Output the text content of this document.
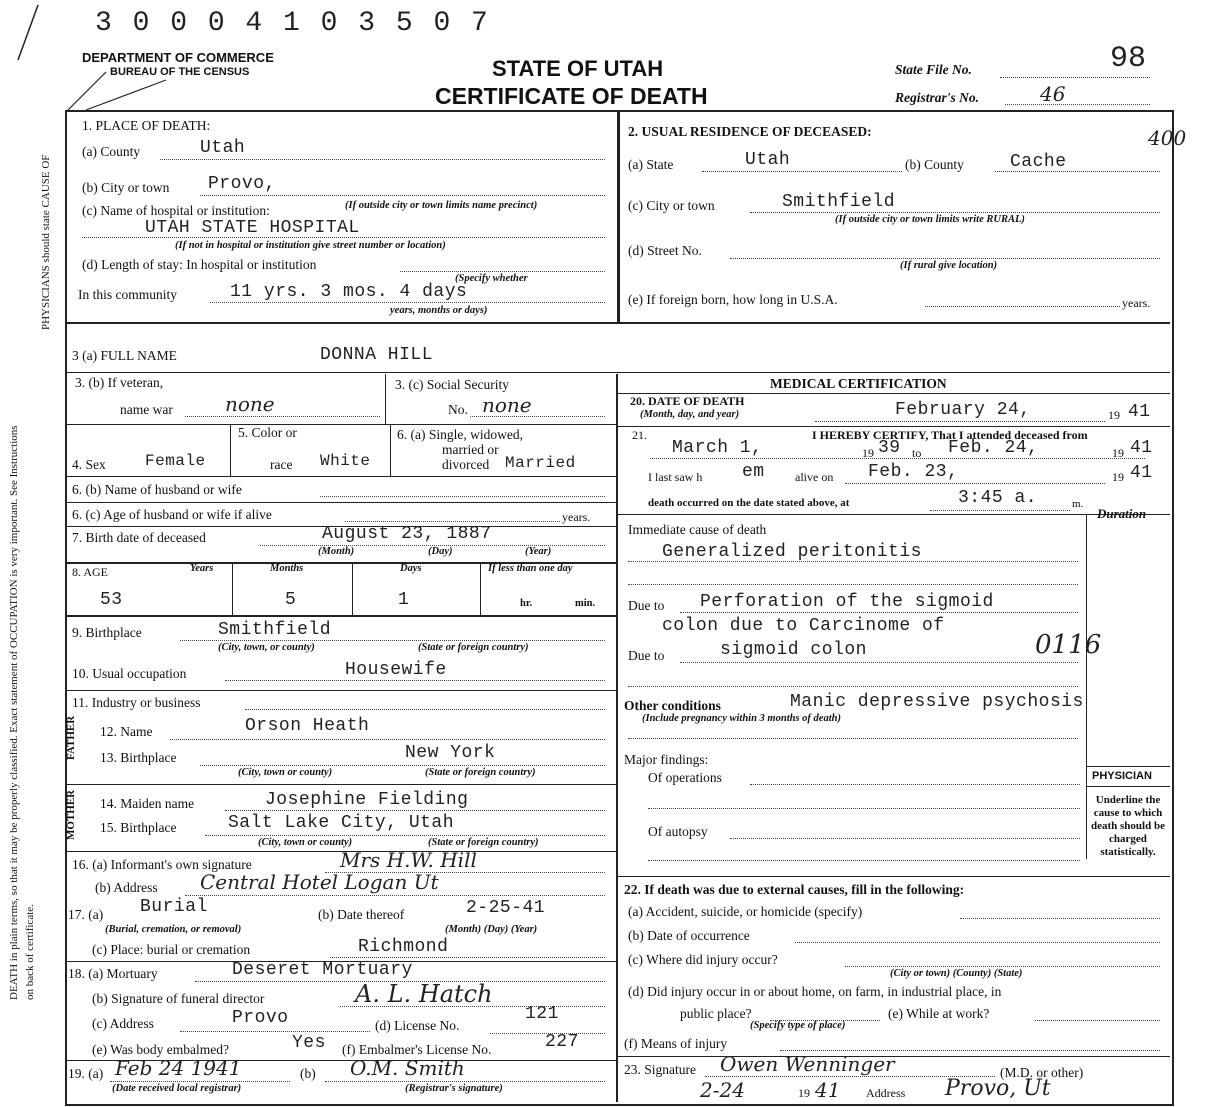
DEATH in plain terms, so that it may be properly classified. Exact statement of OCCUPATION is very important. See Instructions on back of certificate.
PHYSICIANS should state CAUSE OF
3 0 0 0 4 1 0 3 5 0 7
DEPARTMENT OF COMMERCE
BUREAU OF THE CENSUS	STATE OF UTAH
CERTIFICATE OF DEATH
State File No.	98
Registrar's No.	46
1. PLACE OF DEATH:
(a) County	Utah
(b) City or town Provo,
(c) Name of hospital or institution:	(If outside city or town limits name precinct)
UTAH STATE HOSPITAL
(If not in hospital or institution give street number or location)
(d) Length of stay: In hospital or institution
(Specify whether
In this community	11 yrs. 3 mos. 4 days
years, months or days)
2. USUAL RESIDENCE OF DECEASED:	400
(a) State	Utah	(b) County	Cache
(c) City or town	Smithfield
(If outside city or town limits write RURAL)
(d) Street No.
(If rural give location)
(e) If foreign born, how long in U.S.A.	years.
3 (a) FULL NAME	DONNA HILL
3. (b) If veteran,
name war	none
3. (c) Social Security
No. none
5. Color or	6. (a) Single, widowed,
married or
divorced Married
4. Sex Female	race White
6. (b) Name of husband or wife
6. (c) Age of husband or wife if alive	years.
7. Birth date of deceased	August 23, 1887
(Month)	(Day)	(Year)
8. AGE	Years	Months	Days	If less than one day
53	5	1	hr.	min.
9. Birthplace	Smithfield
(City, town, or county)	(State or foreign country)
10. Usual occupation	Housewife
11. Industry or business
FATHER
MOTHER
12. Name	Orson Heath
13. Birthplace	New York
(City, town or county)	(State or foreign country)
14. Maiden name	Josephine Fielding
15. Birthplace	Salt Lake City, Utah
(City, town or county)	(State or foreign country)
16. (a) Informant's own signature	Mrs H.W. Hill
(b) Address Central Hotel Logan Ut
17. (a) Burial
(Burial, cremation, or removal)
(b) Date thereof	2-25-41
(Month) (Day) (Year)
(c) Place: burial or cremation	Richmond
18. (a) Mortuary	Deseret Mortuary
(b) Signature of funeral director	A. L. Hatch
(c) Address	Provo	(d) License No.
121
(e) Was body embalmed?	Yes (f) Embalmer's License No.	227
19. (a) Feb 24 1941
(Date received local registrar)
(b) O.M. Smith
(Registrar's signature)
MEDICAL CERTIFICATION
20. DATE OF DEATH
(Month, day, and year)	February 24,	19 41
21.	I HEREBY CERTIFY, That I attended deceased from
March 1,	19 39 to Feb. 24,	19 41
I last saw h em	alive on Feb. 23,	19 41
death occurred on the date stated above, at	3:45 a.	m.
Duration
Immediate cause of death
Generalized peritonitis
Due to Perforation of the sigmoid
colon due to Carcinome of
Due to	sigmoid colon	0116
Other conditions
(Include pregnancy within 3 months of death)
Manic depressive psychosis
Major findings:
Of operations
Of autopsy
PHYSICIAN
Underline the cause to which death should be charged statistically.
22. If death was due to external causes, fill in the following:
(a) Accident, suicide, or homicide (specify)
(b) Date of occurrence
(c) Where did injury occur?
(City or town) (County) (State)
(d) Did injury occur in or about home, on farm, in industrial place, in
public place?
(Specify type of place)
(e) While at work?
(f) Means of injury
23. Signature Owen Wenninger	(M.D. or other)
2-24	19 41 Address Provo, Ut
